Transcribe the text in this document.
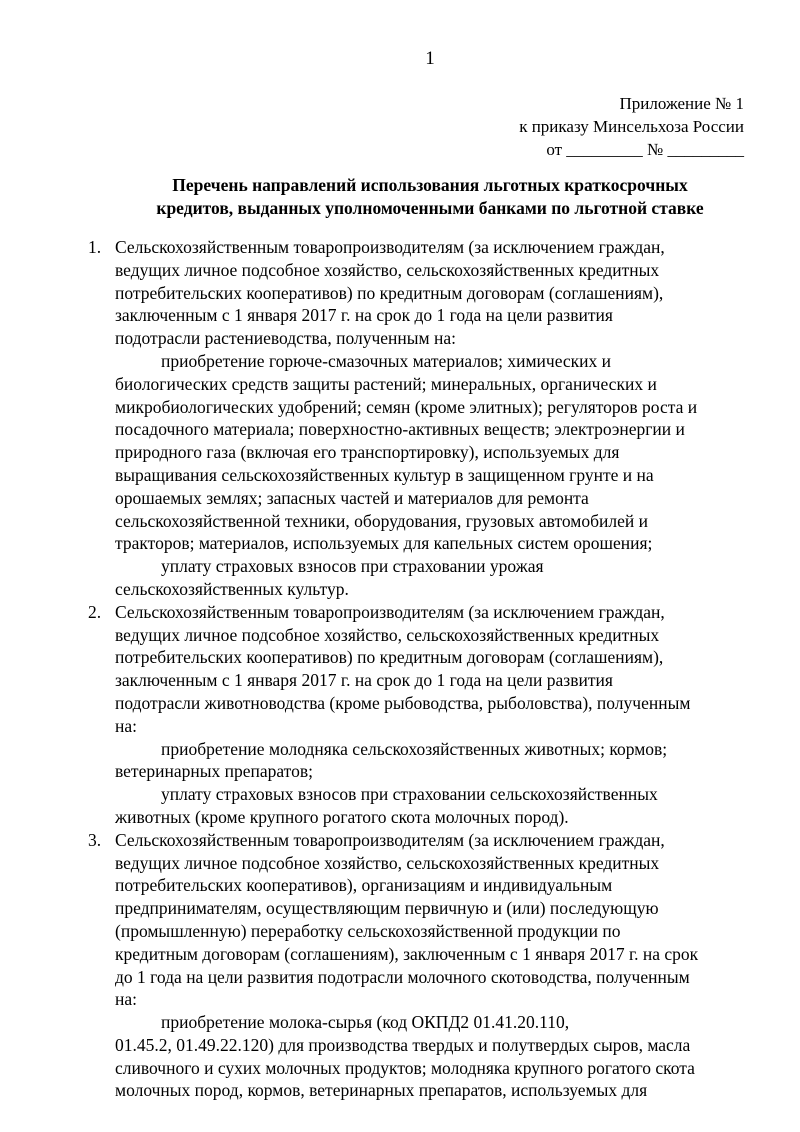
1
Приложение № 1
к приказу Минсельхоза России
от _________ № _________
Перечень направлений использования льготных краткосрочных
кредитов, выданных уполномоченными банками по льготной ставке
1. Сельскохозяйственным товаропроизводителям (за исключением граждан,
ведущих личное подсобное хозяйство, сельскохозяйственных кредитных
потребительских кооперативов) по кредитным договорам (соглашениям),
заключенным с 1 января 2017 г. на срок до 1 года на цели развития
подотрасли растениеводства, полученным на:
приобретение горюче-смазочных материалов; химических и
биологических средств защиты растений; минеральных, органических и
микробиологических удобрений; семян (кроме элитных); регуляторов роста и
посадочного материала; поверхностно-активных веществ; электроэнергии и
природного газа (включая его транспортировку), используемых для
выращивания сельскохозяйственных культур в защищенном грунте и на
орошаемых землях; запасных частей и материалов для ремонта
сельскохозяйственной техники, оборудования, грузовых автомобилей и
тракторов; материалов, используемых для капельных систем орошения;
уплату страховых взносов при страховании урожая
сельскохозяйственных культур.
2. Сельскохозяйственным товаропроизводителям (за исключением граждан,
ведущих личное подсобное хозяйство, сельскохозяйственных кредитных
потребительских кооперативов) по кредитным договорам (соглашениям),
заключенным с 1 января 2017 г. на срок до 1 года на цели развития
подотрасли животноводства (кроме рыбоводства, рыболовства), полученным
на:
приобретение молодняка сельскохозяйственных животных; кормов;
ветеринарных препаратов;
уплату страховых взносов при страховании сельскохозяйственных
животных (кроме крупного рогатого скота молочных пород).
3. Сельскохозяйственным товаропроизводителям (за исключением граждан,
ведущих личное подсобное хозяйство, сельскохозяйственных кредитных
потребительских кооперативов), организациям и индивидуальным
предпринимателям, осуществляющим первичную и (или) последующую
(промышленную) переработку сельскохозяйственной продукции по
кредитным договорам (соглашениям), заключенным с 1 января 2017 г. на срок
до 1 года на цели развития подотрасли молочного скотоводства, полученным
на:
приобретение молока-сырья (код ОКПД2 01.41.20.110,
01.45.2, 01.49.22.120) для производства твердых и полутвердых сыров, масла
сливочного и сухих молочных продуктов; молодняка крупного рогатого скота
молочных пород, кормов, ветеринарных препаратов, используемых для
